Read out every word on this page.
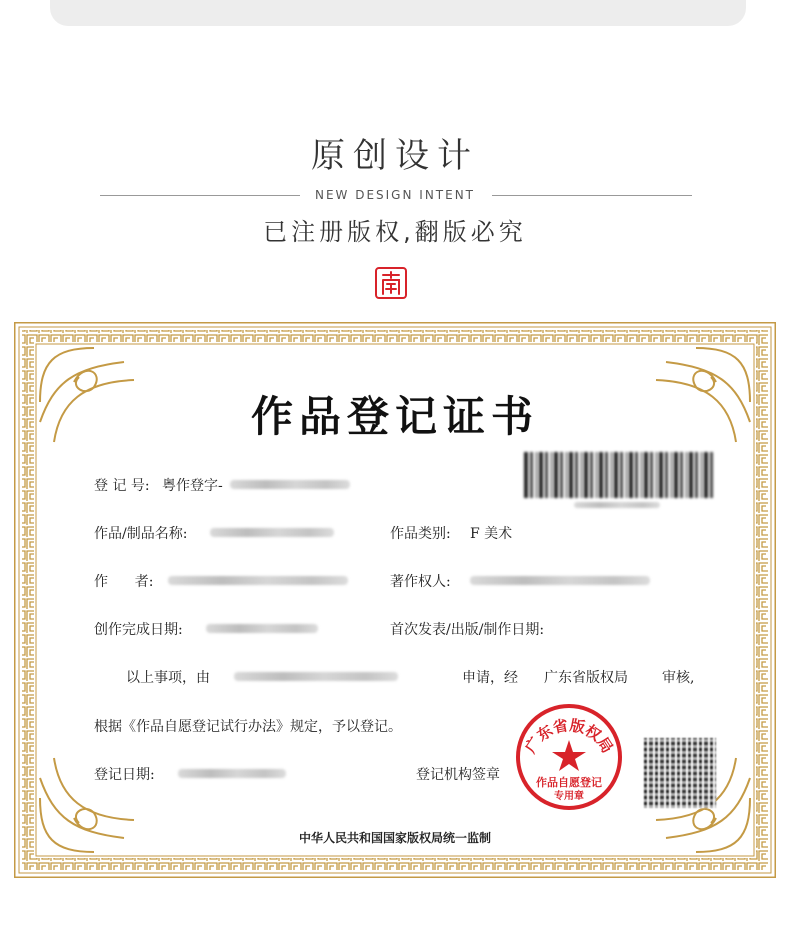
原创设计
NEW DESIGN INTENT
已注册版权,翻版必究
作品登记证书
登 记 号: 粤作登字-
作品/制品名称:	作品类别: F 美术
作      者:	著作权人:
创作完成日期:	首次发表/出版/制作日期:
以上事项，由	申请，经 广东省版权局 审核,
根据《作品自愿登记试行办法》规定，予以登记。
登记日期:	登记机构签章
广东省版权局
作品自愿登记
专用章
中华人民共和国国家版权局统一监制
